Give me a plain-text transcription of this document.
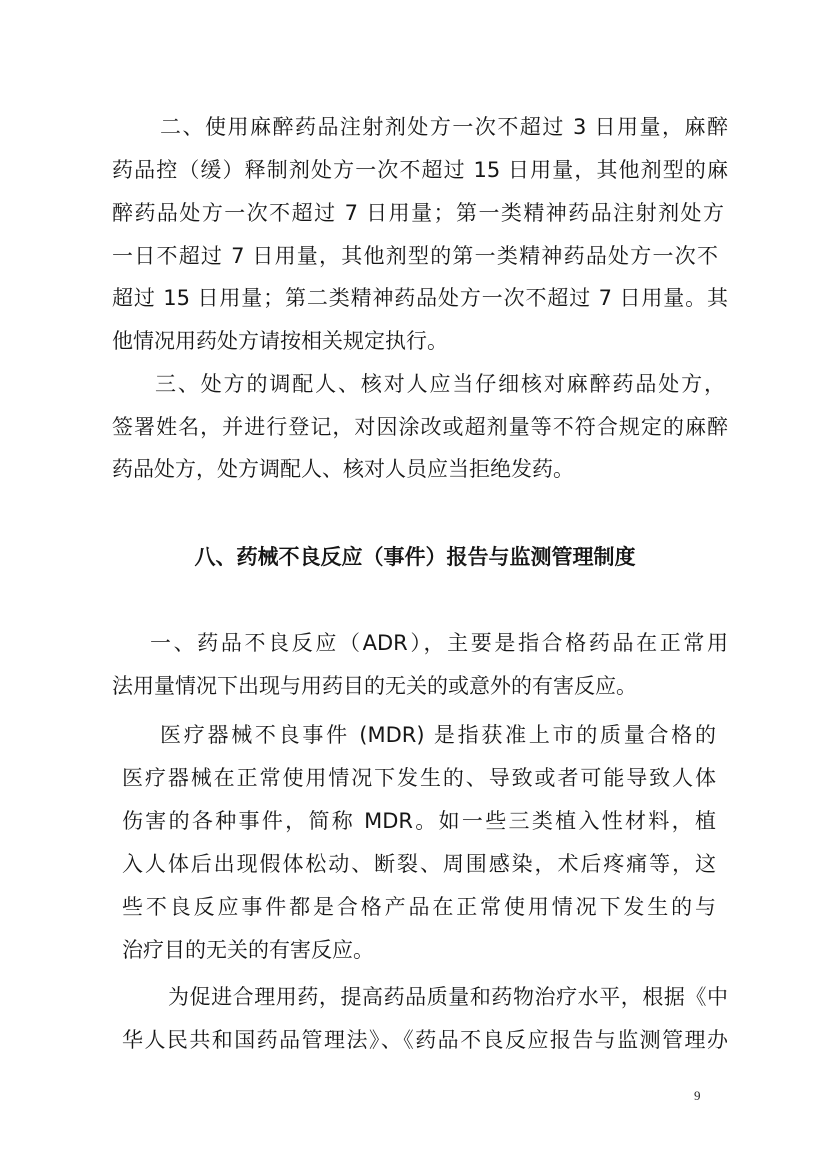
二、使用麻醉药品注射剂处方一次不超过 3 日用量，麻醉
药品控（缓）释制剂处方一次不超过 15 日用量，其他剂型的麻
醉药品处方一次不超过 7 日用量；第一类精神药品注射剂处方
一日不超过 7 日用量，其他剂型的第一类精神药品处方一次不
超过 15 日用量；第二类精神药品处方一次不超过 7 日用量。其
他情况用药处方请按相关规定执行。
三、处方的调配人、核对人应当仔细核对麻醉药品处方，
签署姓名，并进行登记，对因涂改或超剂量等不符合规定的麻醉
药品处方，处方调配人、核对人员应当拒绝发药。
八、药械不良反应（事件）报告与监测管理制度
一、药品不良反应（ADR），主要是指合格药品在正常用
法用量情况下出现与用药目的无关的或意外的有害反应。
医疗器械不良事件 (MDR) 是指获准上市的质量合格的
医疗器械在正常使用情况下发生的、导致或者可能导致人体
伤害的各种事件，简称 MDR。如一些三类植入性材料，植
入人体后出现假体松动、断裂、周围感染，术后疼痛等，这
些不良反应事件都是合格产品在正常使用情况下发生的与
治疗目的无关的有害反应。
为促进合理用药，提高药品质量和药物治疗水平，根据《中
华人民共和国药品管理法》、《药品不良反应报告与监测管理办
9
